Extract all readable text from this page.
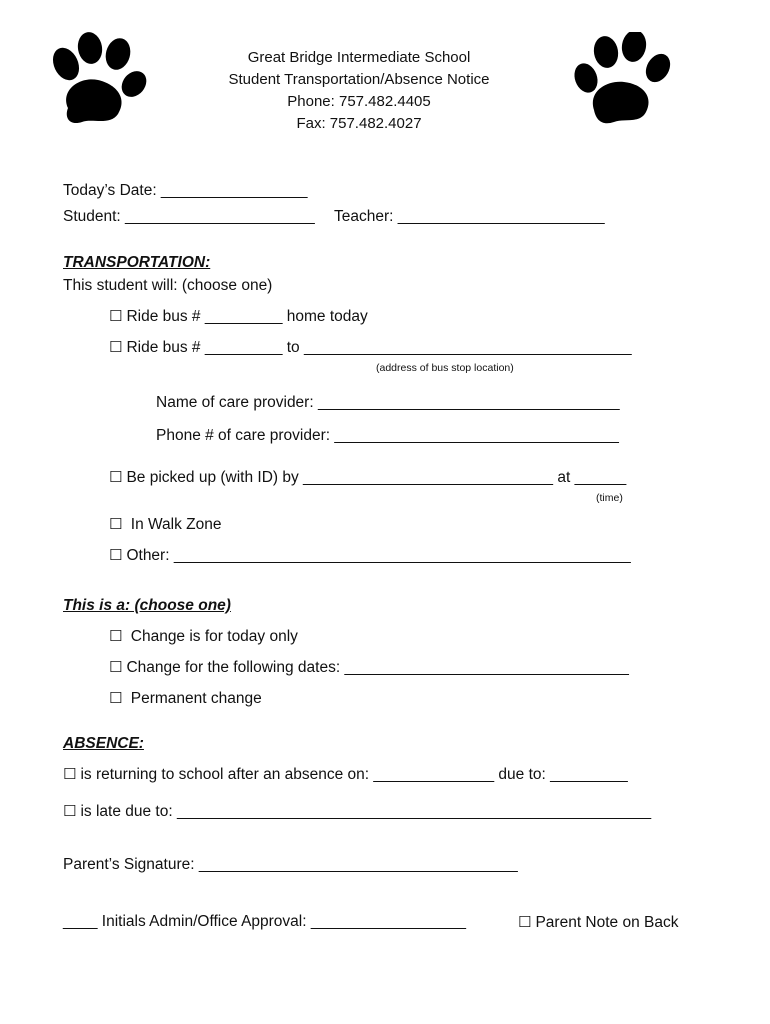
Great Bridge Intermediate School
Student Transportation/Absence Notice
Phone: 757.482.4405
Fax: 757.482.4027
Today’s Date: _________________
Student: ______________________ Teacher: ________________________
TRANSPORTATION:
This student will: (choose one)
☐ Ride bus # _________ home today
☐ Ride bus # _________ to ______________________________________
(address of bus stop location)
Name of care provider: ___________________________________
Phone # of care provider: _________________________________
☐ Be picked up (with ID) by _____________________________ at ______
(time)
☐ In Walk Zone
☐ Other: _____________________________________________________
This is a: (choose one)
☐ Change is for today only
☐ Change for the following dates: _________________________________
☐ Permanent change
ABSENCE:
☐ is returning to school after an absence on: ______________ due to: _________
☐ is late due to: _______________________________________________________
Parent’s Signature: _____________________________________
____ Initials Admin/Office Approval: __________________	☐ Parent Note on Back
